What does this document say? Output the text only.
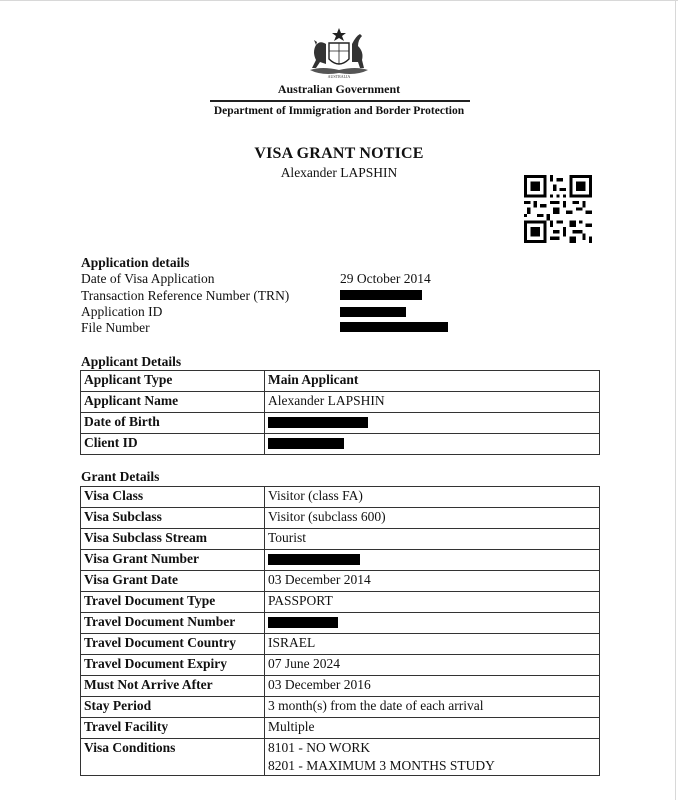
AUSTRALIA
Australian Government
Department of Immigration and Border Protection
VISA GRANT NOTICE
Alexander LAPSHIN
Application details
Date of Visa Application	29 October 2014
Transaction Reference Number (TRN)
Application ID
File Number
Applicant Details
Applicant Type	Main Applicant
Applicant Name	Alexander LAPSHIN
Date of Birth	
Client ID	
Grant Details
Visa Class	Visitor (class FA)
Visa Subclass	Visitor (subclass 600)
Visa Subclass Stream	Tourist
Visa Grant Number	
Visa Grant Date	03 December 2014
Travel Document Type	PASSPORT
Travel Document Number	
Travel Document Country	ISRAEL
Travel Document Expiry	07 June 2024
Must Not Arrive After	03 December 2016
Stay Period	3 month(s) from the date of each arrival
Travel Facility	Multiple
Visa Conditions	8101 - NO WORK
8201 - MAXIMUM 3 MONTHS STUDY
